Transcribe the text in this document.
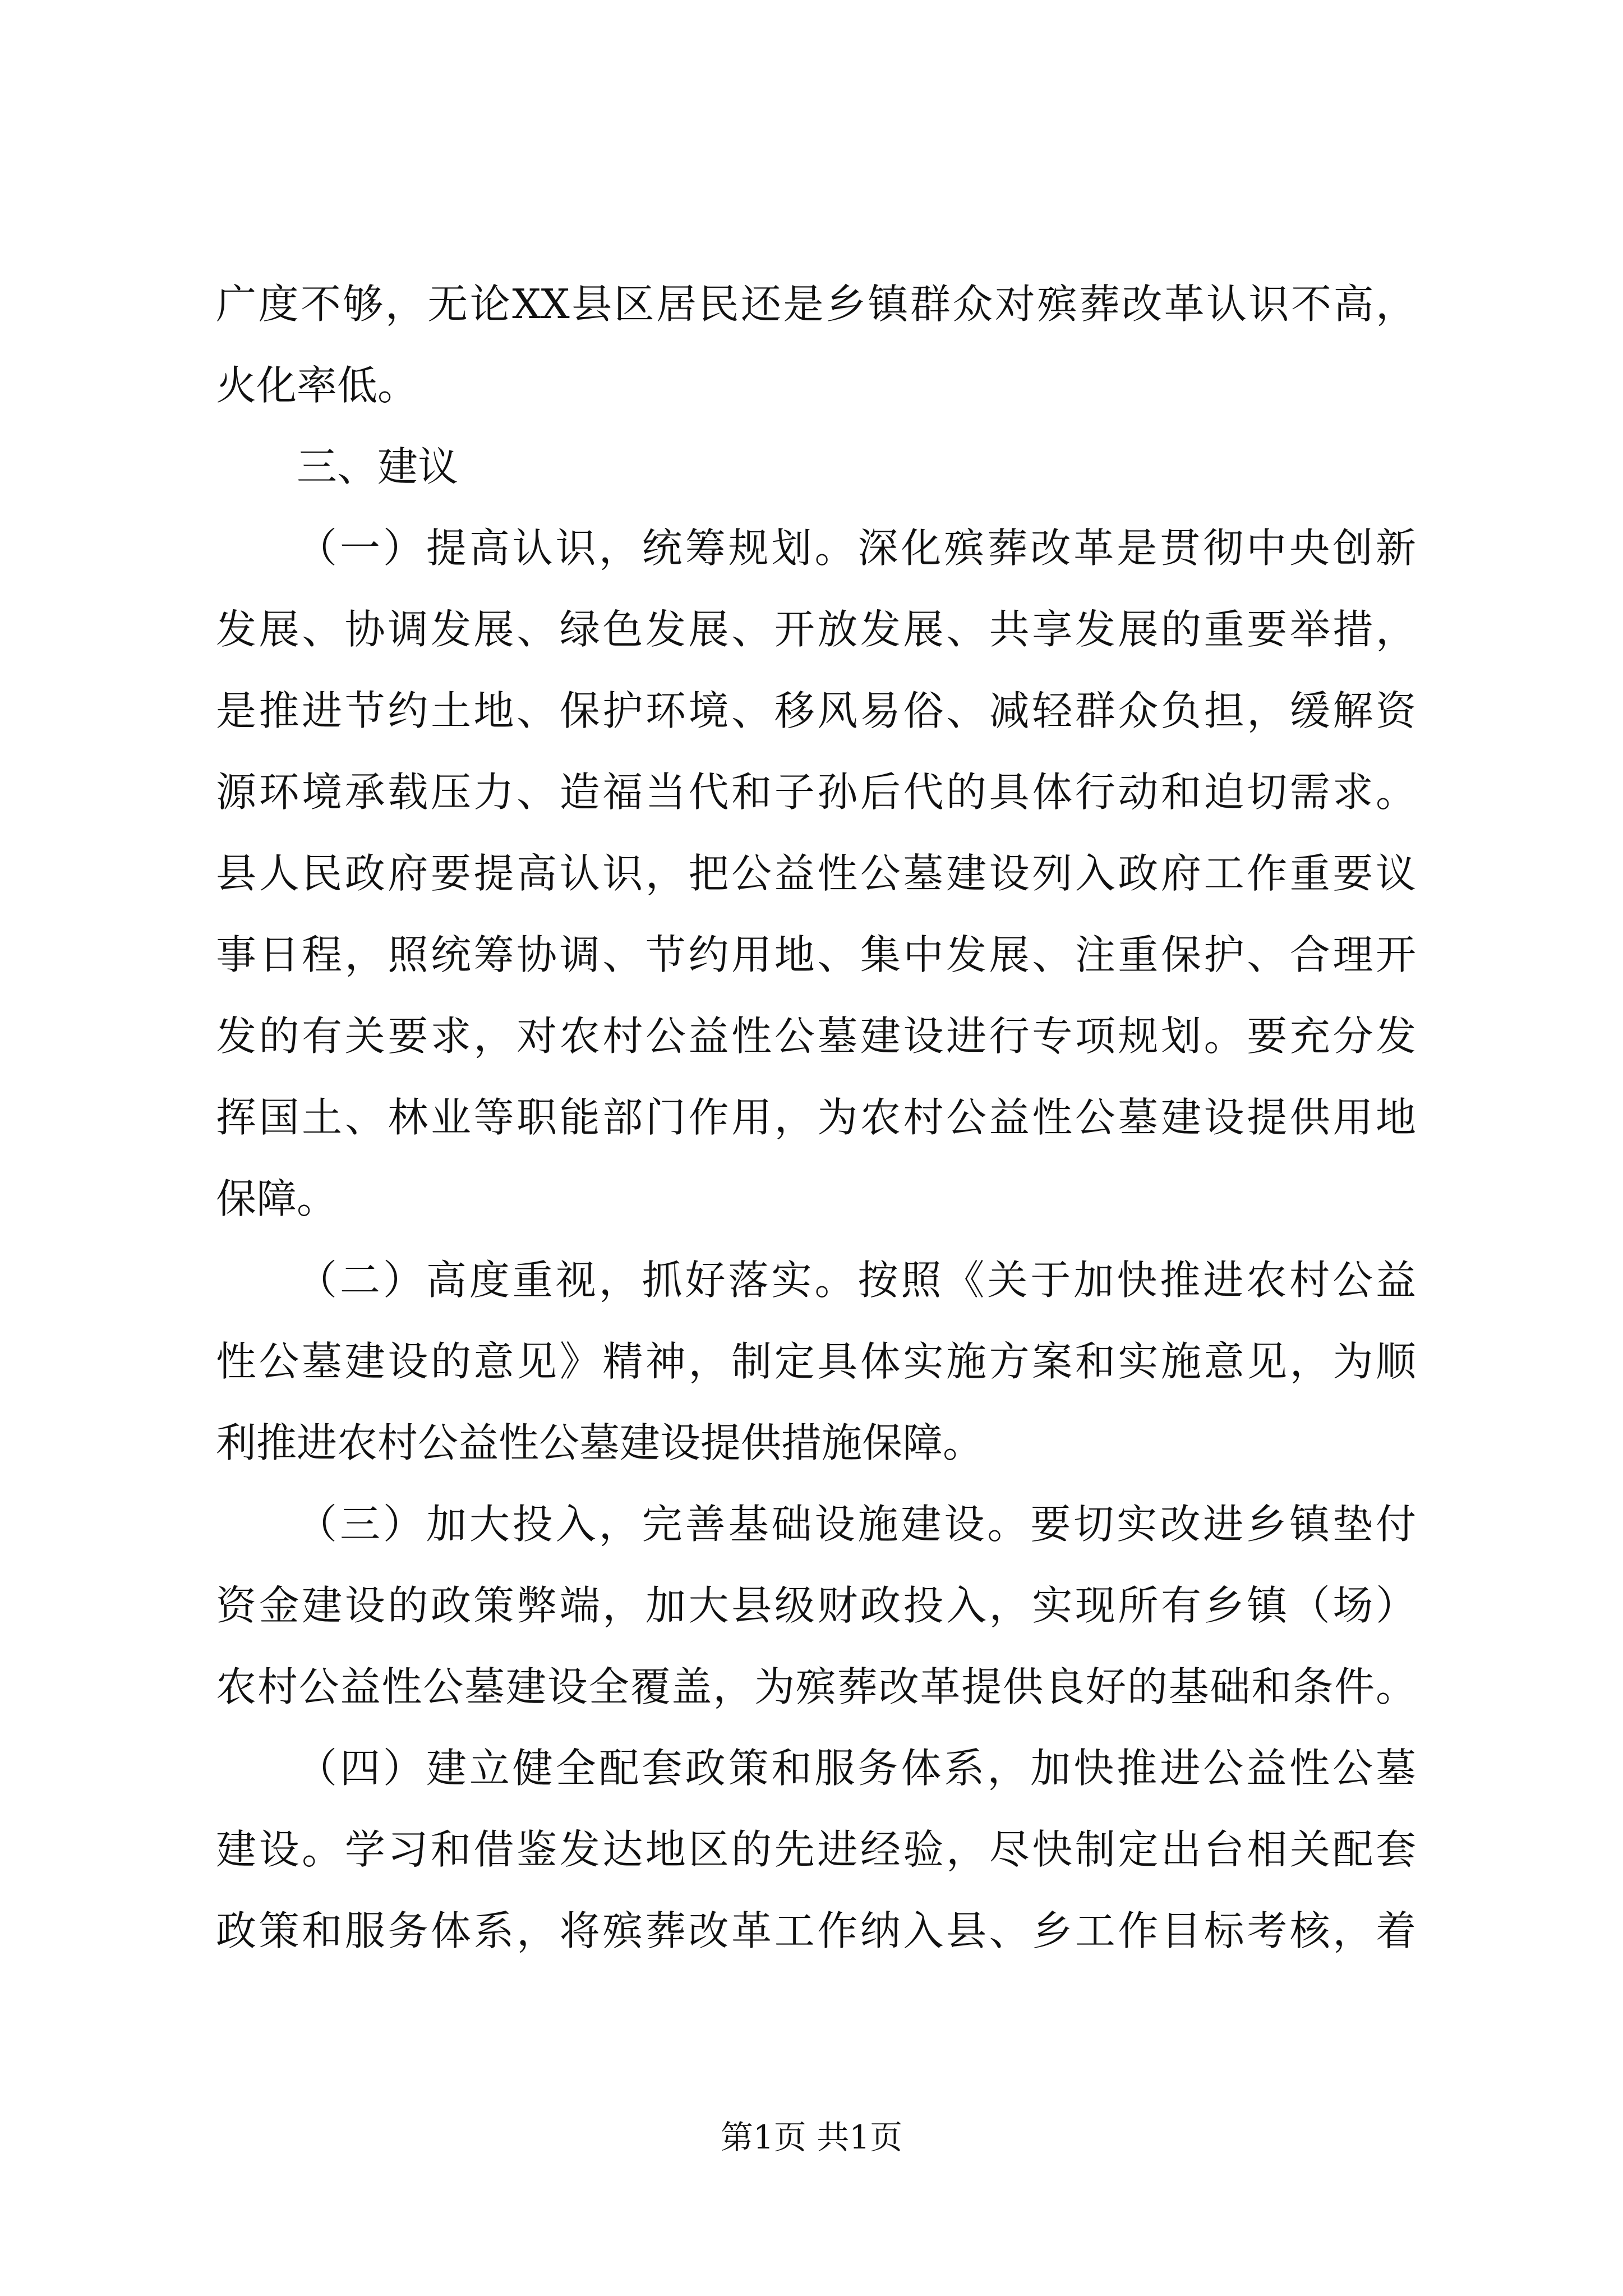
广度不够，无论XX县区居民还是乡镇群众对殡葬改革认识不高，
火化率低。
三、建议
（一）提高认识，统筹规划。深化殡葬改革是贯彻中央创新
发展、协调发展、绿色发展、开放发展、共享发展的重要举措，
是推进节约土地、保护环境、移风易俗、减轻群众负担，缓解资
源环境承载压力、造福当代和子孙后代的具体行动和迫切需求。
县人民政府要提高认识，把公益性公墓建设列入政府工作重要议
事日程，照统筹协调、节约用地、集中发展、注重保护、合理开
发的有关要求，对农村公益性公墓建设进行专项规划。要充分发
挥国土、林业等职能部门作用，为农村公益性公墓建设提供用地
保障。
（二）高度重视，抓好落实。按照《关于加快推进农村公益
性公墓建设的意见》精神，制定具体实施方案和实施意见，为顺
利推进农村公益性公墓建设提供措施保障。
（三）加大投入，完善基础设施建设。要切实改进乡镇垫付
资金建设的政策弊端，加大县级财政投入，实现所有乡镇（场）
农村公益性公墓建设全覆盖，为殡葬改革提供良好的基础和条件。
（四）建立健全配套政策和服务体系，加快推进公益性公墓
建设。学习和借鉴发达地区的先进经验，尽快制定出台相关配套
政策和服务体系，将殡葬改革工作纳入县、乡工作目标考核，着
第1页 共1页
